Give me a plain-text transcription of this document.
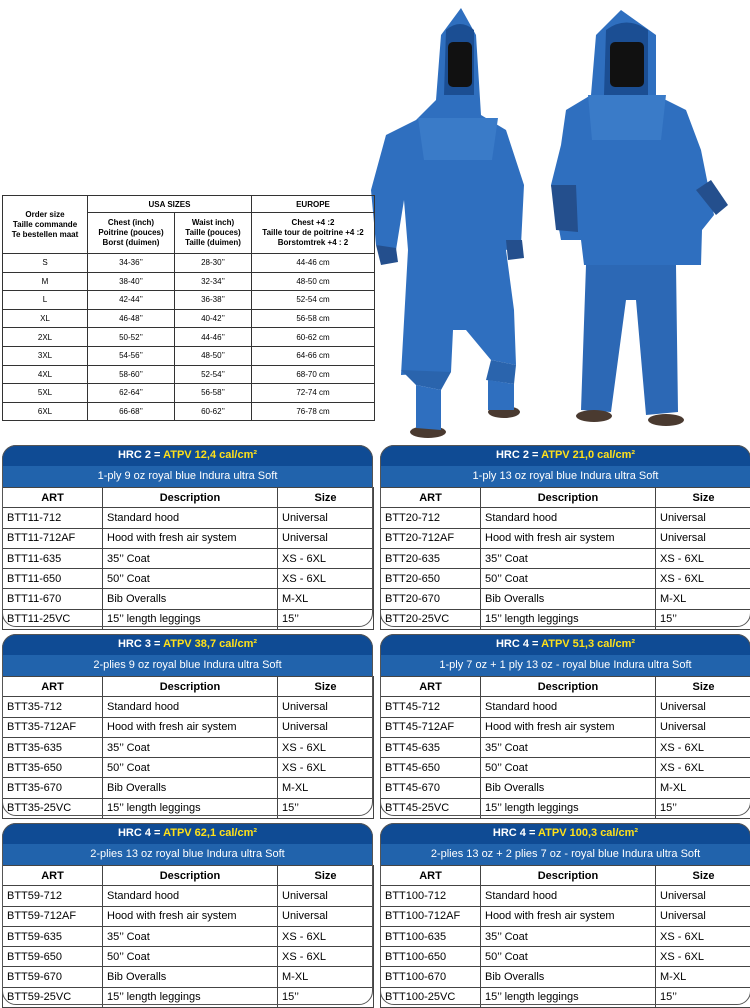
Order size
Taille commande
Te bestellen maat	USA SIZES		EUROPE
	Chest (inch)
Poitrine (pouces)
Borst (duimen)	Waist inch)
Taille (pouces)
Taille (duimen)	Chest +4 :2
Taille tour de poitrine +4 :2
Borstomtrek +4 : 2
S	34-36’’	28-30’’	44-46 cm
M	38-40’’	32-34’’	48-50 cm
L	42-44’’	36-38’’	52-54 cm
XL	46-48’’	40-42’’	56-58 cm
2XL	50-52’’	44-46’’	60-62 cm
3XL	54-56’’	48-50’’	64-66 cm
4XL	58-60’’	52-54’’	68-70 cm
5XL	62-64’’	56-58’’	72-74 cm
6XL	66-68’’	60-62’’	76-78 cm
HRC 2 = ATPV 12,4 cal/cm²
1-ply 9 oz royal blue Indura ultra Soft
ART	Description	Size
BTT11-712	Standard hood	Universal
BTT11-712AF	Hood with fresh air system	Universal
BTT11-635	35’’ Coat	XS - 6XL
BTT11-650	50’’ Coat	XS - 6XL
BTT11-670	Bib Overalls	M-XL
BTT11-25VC	15’’ length leggings	15’’
HRC 2 = ATPV 21,0 cal/cm²
1-ply 13 oz royal blue Indura ultra Soft
ART	Description	Size
BTT20-712	Standard hood	Universal
BTT20-712AF	Hood with fresh air system	Universal
BTT20-635	35’’ Coat	XS - 6XL
BTT20-650	50’’ Coat	XS - 6XL
BTT20-670	Bib Overalls	M-XL
BTT20-25VC	15’’ length leggings	15’’
HRC 3 = ATPV 38,7 cal/cm²
2-plies 9 oz royal blue Indura ultra Soft
ART	Description	Size
BTT35-712	Standard hood	Universal
BTT35-712AF	Hood with fresh air system	Universal
BTT35-635	35’’ Coat	XS - 6XL
BTT35-650	50’’ Coat	XS - 6XL
BTT35-670	Bib Overalls	M-XL
BTT35-25VC	15’’ length leggings	15’’
HRC 4 = ATPV 51,3 cal/cm²
1-ply 7 oz + 1 ply 13 oz - royal blue Indura ultra Soft
ART	Description	Size
BTT45-712	Standard hood	Universal
BTT45-712AF	Hood with fresh air system	Universal
BTT45-635	35’’ Coat	XS - 6XL
BTT45-650	50’’ Coat	XS - 6XL
BTT45-670	Bib Overalls	M-XL
BTT45-25VC	15’’ length leggings	15’’
HRC 4 = ATPV 62,1 cal/cm²
2-plies 13 oz royal blue Indura ultra Soft
ART	Description	Size
BTT59-712	Standard hood	Universal
BTT59-712AF	Hood with fresh air system	Universal
BTT59-635	35’’ Coat	XS - 6XL
BTT59-650	50’’ Coat	XS - 6XL
BTT59-670	Bib Overalls	M-XL
BTT59-25VC	15’’ length leggings	15’’
HRC 4 = ATPV 100,3 cal/cm²
2-plies 13 oz + 2 plies 7 oz - royal blue Indura ultra Soft
ART	Description	Size
BTT100-712	Standard hood	Universal
BTT100-712AF	Hood with fresh air system	Universal
BTT100-635	35’’ Coat	XS - 6XL
BTT100-650	50’’ Coat	XS - 6XL
BTT100-670	Bib Overalls	M-XL
BTT100-25VC	15’’ length leggings	15’’
